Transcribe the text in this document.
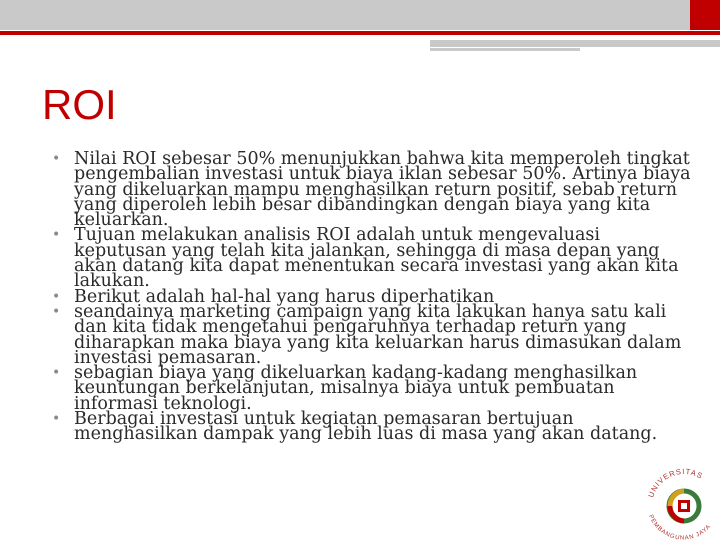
ROI
• Nilai ROI sebesar 50% menunjukkan bahwa kita memperoleh tingkat pengembalian investasi untuk biaya iklan sebesar 50%. Artinya biaya yang dikeluarkan mampu menghasilkan return positif, sebab return yang diperoleh lebih besar dibandingkan dengan biaya yang kita keluarkan.
• Tujuan melakukan analisis ROI adalah untuk mengevaluasi keputusan yang telah kita jalankan, sehingga di masa depan yang akan datang kita dapat menentukan secara investasi yang akan kita lakukan.
• Berikut adalah hal-hal yang harus diperhatikan
• seandainya marketing campaign yang kita lakukan hanya satu kali dan kita tidak mengetahui pengaruhnya terhadap return yang diharapkan maka biaya yang kita keluarkan harus dimasukan dalam investasi pemasaran.
• sebagian biaya yang dikeluarkan kadang-kadang menghasilkan keuntungan berkelanjutan, misalnya biaya untuk pembuatan informasi teknologi.
• Berbagai investasi untuk kegiatan pemasaran bertujuan menghasilkan dampak yang lebih luas di masa yang akan datang.
UNIVERSITAS
PEMBANGUNAN JAYA
